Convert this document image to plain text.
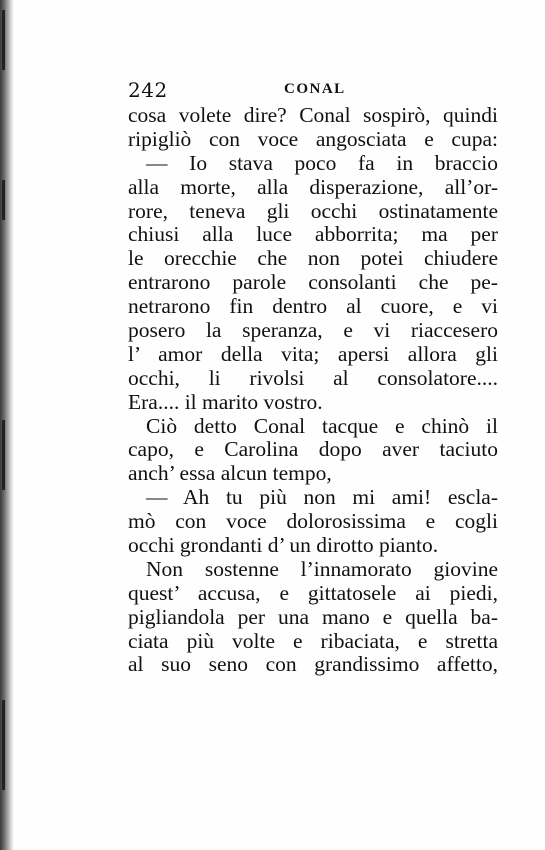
242	CONAL
cosa volete dire? Conal sospirò, quindi
ripigliò con voce angosciata e cupa:
— Io stava poco fa in braccio
alla morte, alla disperazione, all’or-
rore, teneva gli occhi ostinatamente
chiusi alla luce abborrita; ma per
le orecchie che non potei chiudere
entrarono parole consolanti che pe-
netrarono fin dentro al cuore, e vi
posero la speranza, e vi riaccesero
l’ amor della vita; apersi allora gli
occhi, li rivolsi al consolatore....
Era.... il marito vostro.
Ciò detto Conal tacque e chinò il
capo, e Carolina dopo aver taciuto
anch’ essa alcun tempo,
— Ah tu più non mi ami! escla-
mò con voce dolorosissima e cogli
occhi grondanti d’ un dirotto pianto.
Non sostenne l’innamorato giovine
quest’ accusa, e gittatosele ai piedi,
pigliandola per una mano e quella ba-
ciata più volte e ribaciata, e stretta
al suo seno con grandissimo affetto,
